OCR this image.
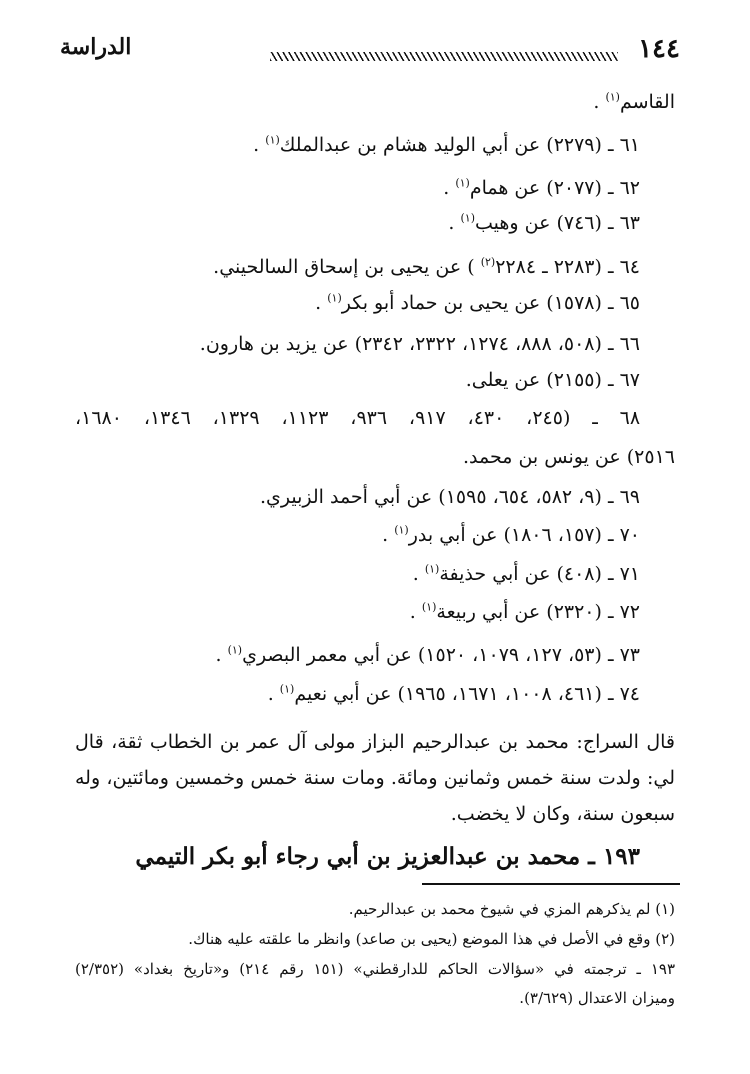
١٤٤
الدراسة
القاسم$^{(١)}$ .
٦١ ـ (٢٢٧٩) عن أبي الوليد هشام بن عبدالملك$^{(١)}$ .
٦٢ ـ (٢٠٧٧) عن همام$^{(١)}$ .
٦٣ ـ (٧٤٦) عن وهيب$^{(١)}$ .
٦٤ ـ (٢٢٨٣ ـ ٢٢٨٤$^{(٢)}$ ) عن يحيى بن إسحاق السالحيني.
٦٥ ـ (١٥٧٨) عن يحيى بن حماد أبو بكر$^{(١)}$ .
٦٦ ـ (٥٠٨، ٨٨٨، ١٢٧٤، ٢٣٢٢، ٢٣٤٢) عن يزيد بن هارون.
٦٧ ـ (٢١٥٥) عن يعلى.
٦٨ ـ (٢٤٥، ٤٣٠، ٩١٧، ٩٣٦، ١١٢٣، ١٣٢٩، ١٣٤٦، ١٦٨٠،
٢٥١٦) عن يونس بن محمد.
٦٩ ـ (٩، ٥٨٢، ٦٥٤، ١٥٩٥) عن أبي أحمد الزبيري.
٧٠ ـ (١٥٧، ١٨٠٦) عن أبي بدر$^{(١)}$ .
٧١ ـ (٤٠٨) عن أبي حذيفة$^{(١)}$ .
٧٢ ـ (٢٣٢٠) عن أبي ربيعة$^{(١)}$ .
٧٣ ـ (٥٣، ١٢٧، ١٠٧٩، ١٥٢٠) عن أبي معمر البصري$^{(١)}$ .
٧٤ ـ (٤٦١، ١٠٠٨، ١٦٧١، ١٩٦٥) عن أبي نعيم$^{(١)}$ .
قال السراج: محمد بن عبدالرحيم البزاز مولى آل عمر بن الخطاب ثقة، قال
لي: ولدت سنة خمس وثمانين ومائة. ومات سنة خمس وخمسين ومائتين، وله
سبعون سنة، وكان لا يخضب.
١٩٣ ـ محمد بن عبدالعزيز بن أبي رجاء أبو بكر التيمي
(١) لم يذكرهم المزي في شيوخ محمد بن عبدالرحيم.
(٢) وقع في الأصل في هذا الموضع (يحيى بن صاعد) وانظر ما علقته عليه هناك.
١٩٣ ـ ترجمته في «سؤالات الحاكم للدارقطني» (١٥١ رقم ٢١٤) و«تاريخ بغداد» (٢/٣٥٢)
وميزان الاعتدال (٣/٦٢٩).
